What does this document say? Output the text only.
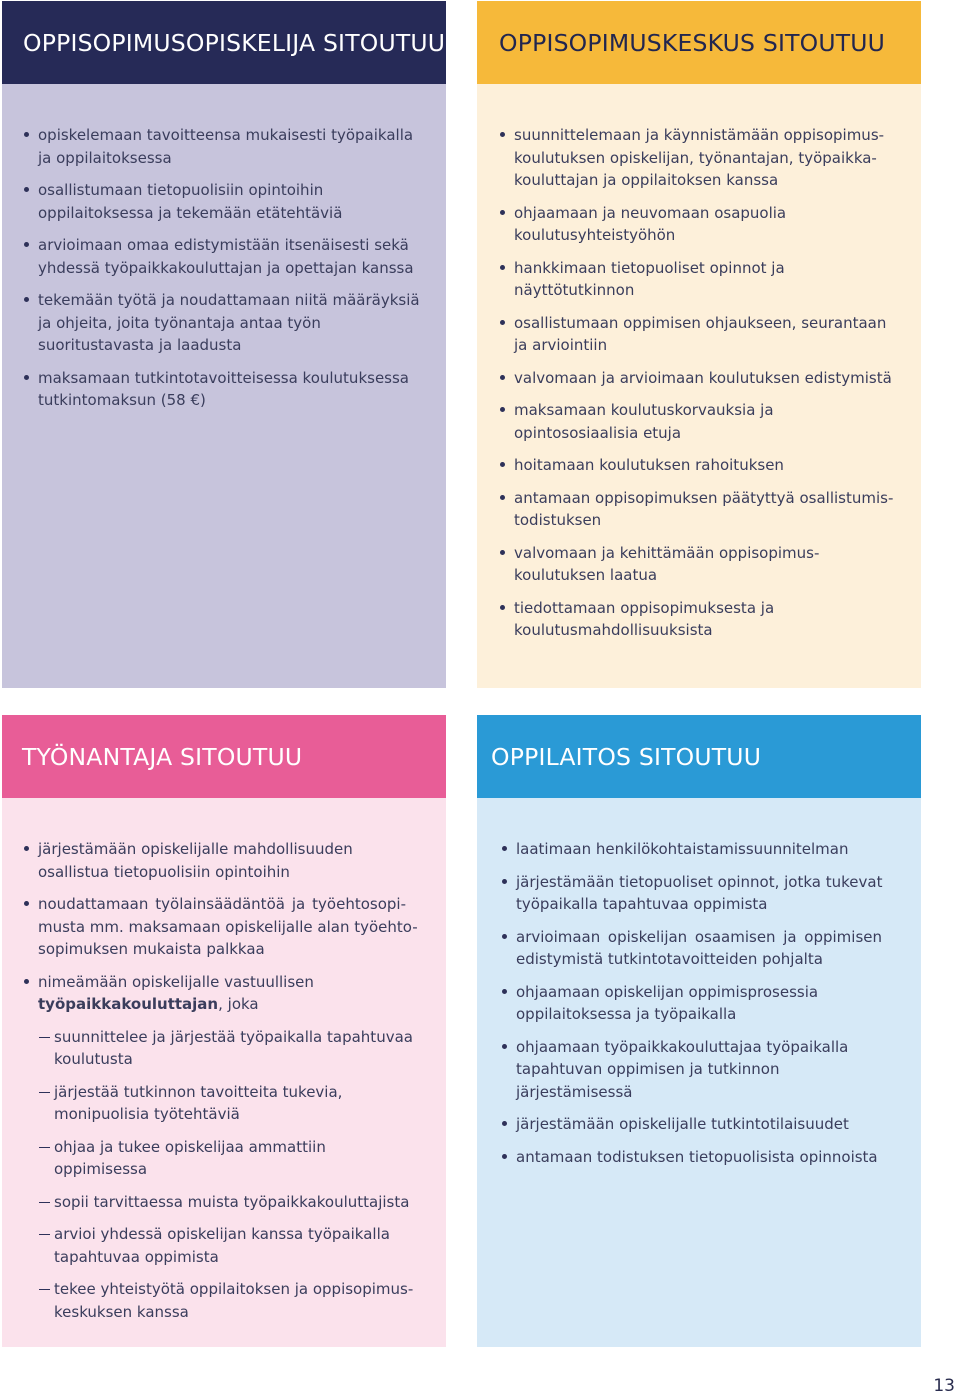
OPPISOPIMUSOPISKELIJA SITOUTUU
opiskelemaan tavoitteensa mukaisesti työpaikalla
ja oppilaitoksessa
osallistumaan tietopuolisiin opintoihin
oppilaitoksessa ja tekemään etätehtäviä
arvioimaan omaa edistymistään itsenäisesti sekä
yhdessä työpaikkakouluttajan ja opettajan kanssa
tekemään työtä ja noudattamaan niitä määräyksiä
ja ohjeita, joita työnantaja antaa työn
suoritustavasta ja laadusta
maksamaan tutkintotavoitteisessa koulutuksessa
tutkintomaksun (58 €)
OPPISOPIMUSKESKUS SITOUTUU
suunnittelemaan ja käynnistämään oppisopimus-
koulutuksen opiskelijan, työnantajan, työpaikka-
kouluttajan ja oppilaitoksen kanssa
ohjaamaan ja neuvomaan osapuolia
koulutusyhteistyöhön
hankkimaan tietopuoliset opinnot ja
näyttötutkinnon
osallistumaan oppimisen ohjaukseen, seurantaan
ja arviointiin
valvomaan ja arvioimaan koulutuksen edistymistä
maksamaan koulutuskorvauksia ja
opintososiaalisia etuja
hoitamaan koulutuksen rahoituksen
antamaan oppisopimuksen päätyttyä osallistumis-
todistuksen
valvomaan ja kehittämään oppisopimus-
koulutuksen laatua
tiedottamaan oppisopimuksesta ja
koulutusmahdollisuuksista
TYÖNANTAJA SITOUTUU
järjestämään opiskelijalle mahdollisuuden
osallistua tietopuolisiin opintoihin
noudattamaan työlainsäädäntöä ja työehtosopi-
musta mm. maksamaan opiskelijalle alan työehto-
sopimuksen mukaista palkkaa
nimeämään opiskelijalle vastuullisen
työpaikkakouluttajan, joka
suunnittelee ja järjestää työpaikalla tapahtuvaa
koulutusta
järjestää tutkinnon tavoitteita tukevia,
monipuolisia työtehtäviä
ohjaa ja tukee opiskelijaa ammattiin
oppimisessa
sopii tarvittaessa muista työpaikkakouluttajista
arvioi yhdessä opiskelijan kanssa työpaikalla
tapahtuvaa oppimista
tekee yhteistyötä oppilaitoksen ja oppisopimus-
keskuksen kanssa
OPPILAITOS SITOUTUU
laatimaan henkilökohtaistamissuunnitelman
järjestämään tietopuoliset opinnot, jotka tukevat
työpaikalla tapahtuvaa oppimista
arvioimaan opiskelijan osaamisen ja oppimisen
edistymistä tutkintotavoitteiden pohjalta
ohjaamaan opiskelijan oppimisprosessia
oppilaitoksessa ja työpaikalla
ohjaamaan työpaikkakouluttajaa työpaikalla
tapahtuvan oppimisen ja tutkinnon
järjestämisessä
järjestämään opiskelijalle tutkintotilaisuudet
antamaan todistuksen tietopuolisista opinnoista
13
